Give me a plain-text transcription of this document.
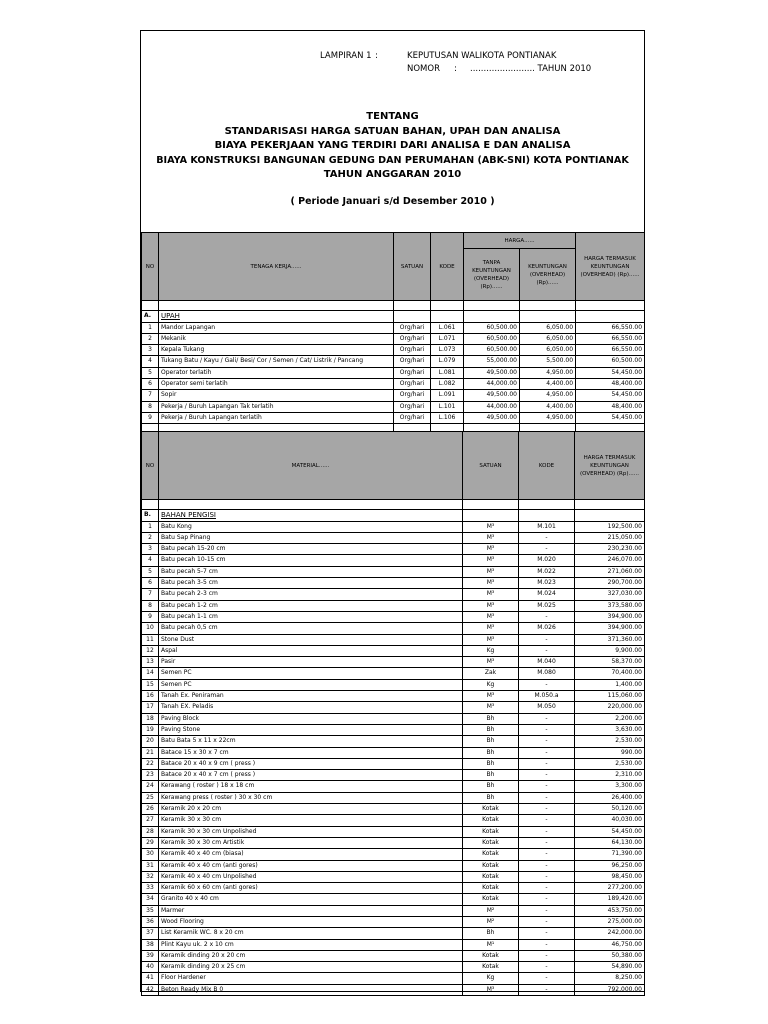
LAMPIRAN 1 :	KEPUTUSAN WALIKOTA PONTIANAK
NOMOR : ........................ TAHUN 2010
TENTANG
STANDARISASI HARGA SATUAN BAHAN, UPAH DAN ANALISA
BIAYA PEKERJAAN YANG TERDIRI DARI ANALISA E DAN ANALISA
BIAYA KONSTRUKSI BANGUNAN GEDUNG DAN PERUMAHAN (ABK-SNI) KOTA PONTIANAK
TAHUN ANGGARAN 2010
( Periode Januari s/d Desember 2010 )
NO	TENAGA KERJA......	SATUAN	KODE	HARGA......		HARGA TERMASUK KEUNTUNGAN (OVERHEAD) (Rp)......
				TANPA KEUNTUNGAN (OVERHEAD) (Rp)......	KEUNTUNGAN (OVERHEAD) (Rp)......	

A.	UPAH					
1	Mandor Lapangan	Org/hari	L.061	60,500.00	6,050.00	66,550.00
2	Mekanik	Org/hari	L.071	60,500.00	6,050.00	66,550.00
3	Kepala Tukang	Org/hari	L.073	60,500.00	6,050.00	66,550.00
4	Tukang Batu / Kayu / Gali/ Besi/ Cor / Semen / Cat/ Listrik / Pancang	Org/hari	L.079	55,000.00	5,500.00	60,500.00
5	Operator terlatih	Org/hari	L.081	49,500.00	4,950.00	54,450.00
6	Operator semi terlatih	Org/hari	L.082	44,000.00	4,400.00	48,400.00
7	Sopir	Org/hari	L.091	49,500.00	4,950.00	54,450.00
8	Pekerja / Buruh Lapangan Tak terlatih	Org/hari	L.101	44,000.00	4,400.00	48,400.00
9	Pekerja / Buruh Lapangan terlatih	Org/hari	L.106	49,500.00	4,950.00	54,450.00

NO	MATERIAL......	SATUAN	KODE	HARGA TERMASUK KEUNTUNGAN (OVERHEAD) (Rp)......

B.	BAHAN PENGISI			
1	Batu Kong	M³	M.101	192,500.00
2	Batu Sap Pinang	M³	-	215,050.00
3	Batu pecah 15-20 cm	M³	-	230,230.00
4	Batu pecah 10-15 cm	M³	M.020	246,070.00
5	Batu pecah 5-7 cm	M³	M.022	271,060.00
6	Batu pecah 3-5 cm	M³	M.023	290,700.00
7	Batu pecah 2-3 cm	M³	M.024	327,030.00
8	Batu pecah 1-2 cm	M³	M.025	373,580.00
9	Batu pecah 1-1 cm	M³	-	394,900.00
10	Batu pecah 0,5 cm	M³	M.026	394,900.00
11	Stone Dust	M³	-	371,360.00
12	Aspal	Kg	-	9,900.00
13	Pasir	M³	M.040	58,370.00
14	Semen PC	Zak	M.080	70,400.00
15	Semen PC	Kg	-	1,400.00
16	Tanah Ex. Peniraman	M³	M.050.a	115,060.00
17	Tanah EX. Peladis	M³	M.050	220,000.00
18	Paving Block	Bh	-	2,200.00
19	Paving Stone	Bh	-	3,630.00
20	Batu Bata 5 x 11 x 22cm	Bh	-	2,530.00
21	Batace 15 x 30 x 7 cm	Bh	-	990.00
22	Batace 20 x 40 x 9 cm ( press )	Bh	-	2,530.00
23	Batace 20 x 40 x 7 cm ( press )	Bh	-	2,310.00
24	Kerawang ( roster ) 18 x 18 cm	Bh	-	3,300.00
25	Kerawang press ( roster ) 30 x 30 cm	Bh	-	26,400.00
26	Keramik 20 x 20 cm	Kotak	-	50,120.00
27	Keramik 30 x 30 cm	Kotak	-	40,030.00
28	Keramik 30 x 30 cm Unpolished	Kotak	-	54,450.00
29	Keramik 30 x 30 cm Artistik	Kotak	-	64,130.00
30	Keramik 40 x 40 cm (biasa)	Kotak	-	71,390.00
31	Keramik 40 x 40 cm (anti gores)	Kotak	-	96,250.00
32	Keramik 40 x 40 cm Unpolished	Kotak	-	98,450.00
33	Keramik 60 x 60 cm (anti gores)	Kotak	-	277,200.00
34	Granito 40 x 40 cm	Kotak	-	189,420.00
35	Marmer	M²	-	453,750.00
36	Wood Flooring	M²	-	275,000.00
37	List Keramik WC. 8 x 20 cm	Bh	-	242,000.00
38	Plint Kayu uk. 2 x 10 cm	M¹	-	46,750.00
39	Keramik dinding 20 x 20 cm	Kotak	-	50,380.00
40	Keramik dinding 20 x 25 cm	Kotak	-	54,890.00
41	Floor Hardener	Kg	-	8,250.00
42	Beton Ready Mix B 0	M³	-	792,000.00
